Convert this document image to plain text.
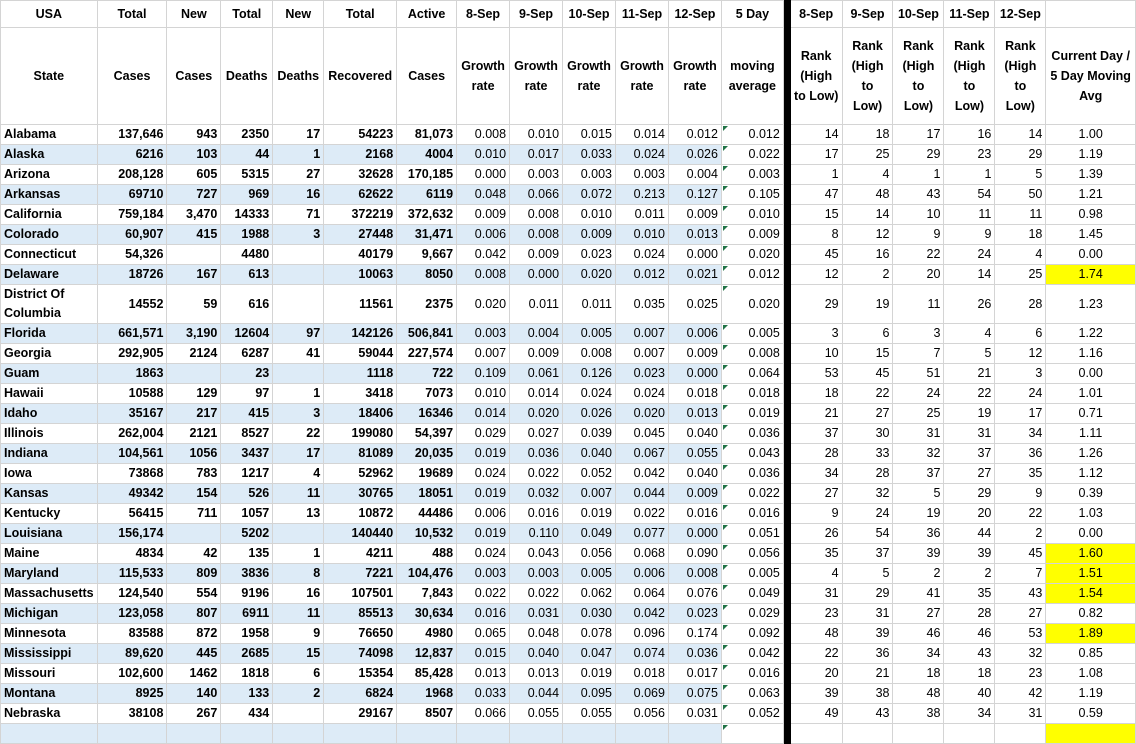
USA	Total	New	Total	New	Total	Active	8-Sep	9-Sep	10-Sep	11-Sep	12-Sep	5 Day		8-Sep	9-Sep	10-Sep	11-Sep	12-Sep	
State	Cases	Cases	Deaths	Deaths	Recovered	Cases	Growth rate	Growth rate	Growth rate	Growth rate	Growth rate	moving average		Rank (High to Low)	Rank (High to Low)	Rank (High to Low)	Rank (High to Low)	Rank (High to Low)	Current Day / 5 Day Moving Avg
Alabama	137,646	943	2350	17	54223	81,073	0.008	0.010	0.015	0.014	0.012	0.012		14	18	17	16	14	1.00
Alaska	6216	103	44	1	2168	4004	0.010	0.017	0.033	0.024	0.026	0.022		17	25	29	23	29	1.19
Arizona	208,128	605	5315	27	32628	170,185	0.000	0.003	0.003	0.003	0.004	0.003		1	4	1	1	5	1.39
Arkansas	69710	727	969	16	62622	6119	0.048	0.066	0.072	0.213	0.127	0.105		47	48	43	54	50	1.21
California	759,184	3,470	14333	71	372219	372,632	0.009	0.008	0.010	0.011	0.009	0.010		15	14	10	11	11	0.98
Colorado	60,907	415	1988	3	27448	31,471	0.006	0.008	0.009	0.010	0.013	0.009		8	12	9	9	18	1.45
Connecticut	54,326		4480		40179	9,667	0.042	0.009	0.023	0.024	0.000	0.020		45	16	22	24	4	0.00
Delaware	18726	167	613		10063	8050	0.008	0.000	0.020	0.012	0.021	0.012		12	2	20	14	25	1.74
District Of Columbia	14552	59	616		11561	2375	0.020	0.011	0.011	0.035	0.025	0.020		29	19	11	26	28	1.23
Florida	661,571	3,190	12604	97	142126	506,841	0.003	0.004	0.005	0.007	0.006	0.005		3	6	3	4	6	1.22
Georgia	292,905	2124	6287	41	59044	227,574	0.007	0.009	0.008	0.007	0.009	0.008		10	15	7	5	12	1.16
Guam	1863		23		1118	722	0.109	0.061	0.126	0.023	0.000	0.064		53	45	51	21	3	0.00
Hawaii	10588	129	97	1	3418	7073	0.010	0.014	0.024	0.024	0.018	0.018		18	22	24	22	24	1.01
Idaho	35167	217	415	3	18406	16346	0.014	0.020	0.026	0.020	0.013	0.019		21	27	25	19	17	0.71
Illinois	262,004	2121	8527	22	199080	54,397	0.029	0.027	0.039	0.045	0.040	0.036		37	30	31	31	34	1.11
Indiana	104,561	1056	3437	17	81089	20,035	0.019	0.036	0.040	0.067	0.055	0.043		28	33	32	37	36	1.26
Iowa	73868	783	1217	4	52962	19689	0.024	0.022	0.052	0.042	0.040	0.036		34	28	37	27	35	1.12
Kansas	49342	154	526	11	30765	18051	0.019	0.032	0.007	0.044	0.009	0.022		27	32	5	29	9	0.39
Kentucky	56415	711	1057	13	10872	44486	0.006	0.016	0.019	0.022	0.016	0.016		9	24	19	20	22	1.03
Louisiana	156,174		5202		140440	10,532	0.019	0.110	0.049	0.077	0.000	0.051		26	54	36	44	2	0.00
Maine	4834	42	135	1	4211	488	0.024	0.043	0.056	0.068	0.090	0.056		35	37	39	39	45	1.60
Maryland	115,533	809	3836	8	7221	104,476	0.003	0.003	0.005	0.006	0.008	0.005		4	5	2	2	7	1.51
Massachusetts	124,540	554	9196	16	107501	7,843	0.022	0.022	0.062	0.064	0.076	0.049		31	29	41	35	43	1.54
Michigan	123,058	807	6911	11	85513	30,634	0.016	0.031	0.030	0.042	0.023	0.029		23	31	27	28	27	0.82
Minnesota	83588	872	1958	9	76650	4980	0.065	0.048	0.078	0.096	0.174	0.092		48	39	46	46	53	1.89
Mississippi	89,620	445	2685	15	74098	12,837	0.015	0.040	0.047	0.074	0.036	0.042		22	36	34	43	32	0.85
Missouri	102,600	1462	1818	6	15354	85,428	0.013	0.013	0.019	0.018	0.017	0.016		20	21	18	18	23	1.08
Montana	8925	140	133	2	6824	1968	0.033	0.044	0.095	0.069	0.075	0.063		39	38	48	40	42	1.19
Nebraska	38108	267	434		29167	8507	0.066	0.055	0.055	0.056	0.031	0.052		49	43	38	34	31	0.59
